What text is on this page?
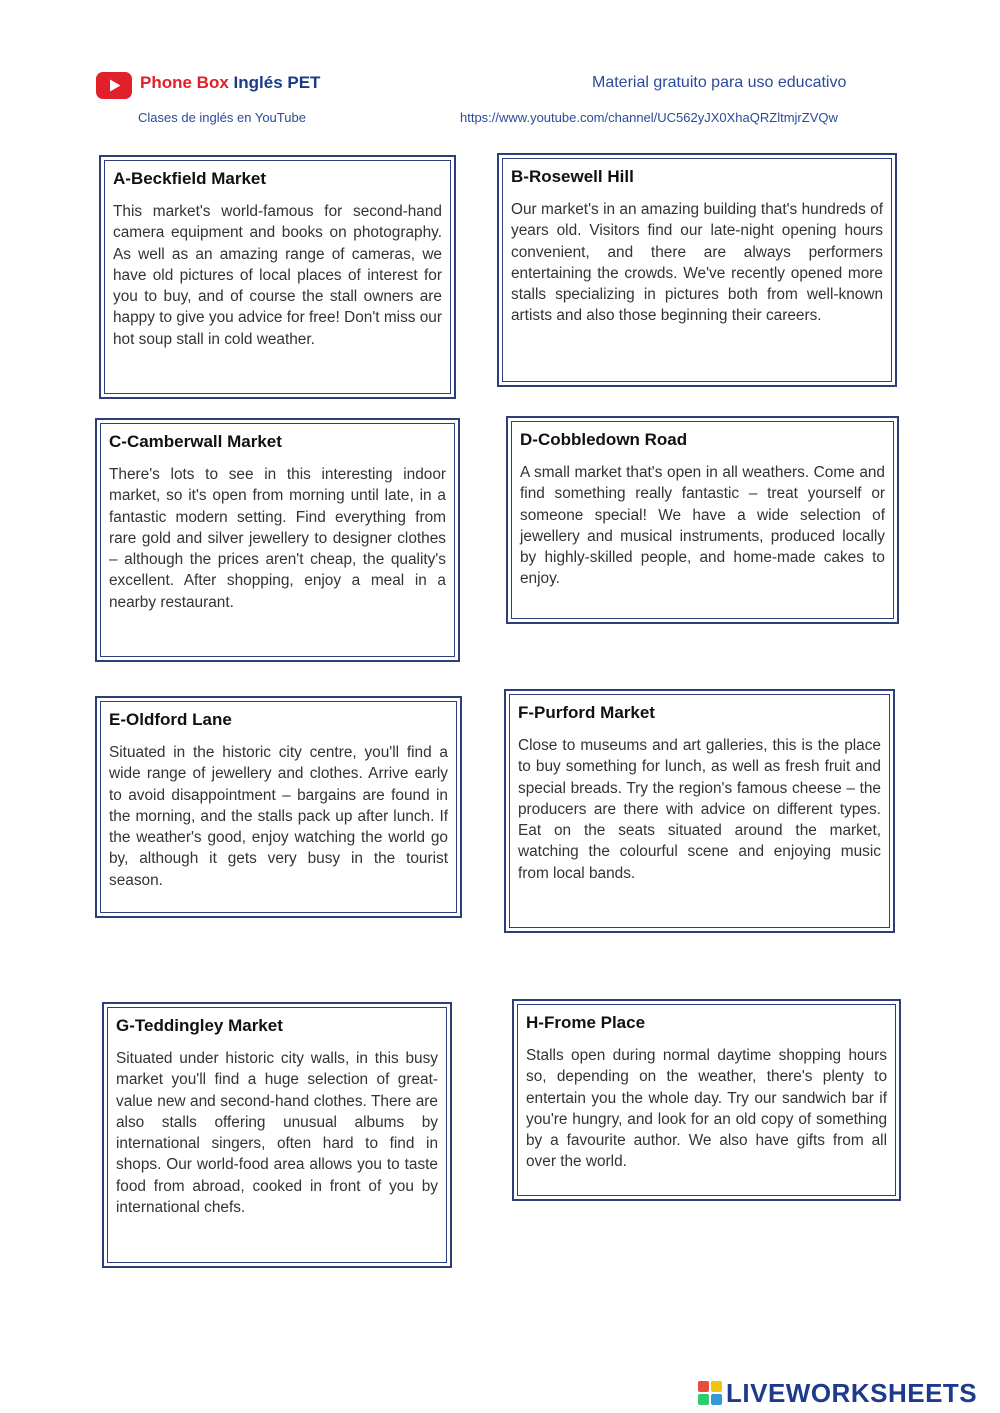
Phone Box Inglés PET
Clases de inglés en YouTube
Material gratuito para uso educativo
https://www.youtube.com/channel/UC562yJX0XhaQRZltmjrZVQw
A-Beckfield Market

This market's world-famous for second-hand camera equipment and books on photography. As well as an amazing range of cameras, we have old pictures of local places of interest for you to buy, and of course the stall owners are happy to give you advice for free! Don't miss our hot soup stall in cold weather.

B-Rosewell Hill

Our market's in an amazing building that's hundreds of years old. Visitors find our late-night opening hours convenient, and there are always performers entertaining the crowds. We've recently opened more stalls specializing in pictures both from well-known artists and also those beginning their careers.

C-Camberwall Market

There's lots to see in this interesting indoor market, so it's open from morning until late, in a fantastic modern setting. Find everything from rare gold and silver jewellery to designer clothes – although the prices aren't cheap, the quality's excellent. After shopping, enjoy a meal in a nearby restaurant.

D-Cobbledown Road

A small market that's open in all weathers. Come and find something really fantastic – treat yourself or someone special! We have a wide selection of jewellery and musical instruments, produced locally by highly-skilled people, and home-made cakes to enjoy.

E-Oldford Lane

Situated in the historic city centre, you'll find a wide range of jewellery and clothes. Arrive early to avoid disappointment – bargains are found in the morning, and the stalls pack up after lunch. If the weather's good, enjoy watching the world go by, although it gets very busy in the tourist season.

F-Purford Market

Close to museums and art galleries, this is the place to buy something for lunch, as well as fresh fruit and special breads. Try the region's famous cheese – the producers are there with advice on different types. Eat on the seats situated around the market, watching the colourful scene and enjoying music from local bands.

G-Teddingley Market

Situated under historic city walls, in this busy market you'll find a huge selection of great-value new and second-hand clothes. There are also stalls offering unusual albums by international singers, often hard to find in shops. Our world-food area allows you to taste food from abroad, cooked in front of you by international chefs.

H-Frome Place

Stalls open during normal daytime shopping hours so, depending on the weather, there's plenty to entertain you the whole day. Try our sandwich bar if you're hungry, and look for an old copy of something by a favourite author. We also have gifts from all over the world.

LIVEWORKSHEETS
